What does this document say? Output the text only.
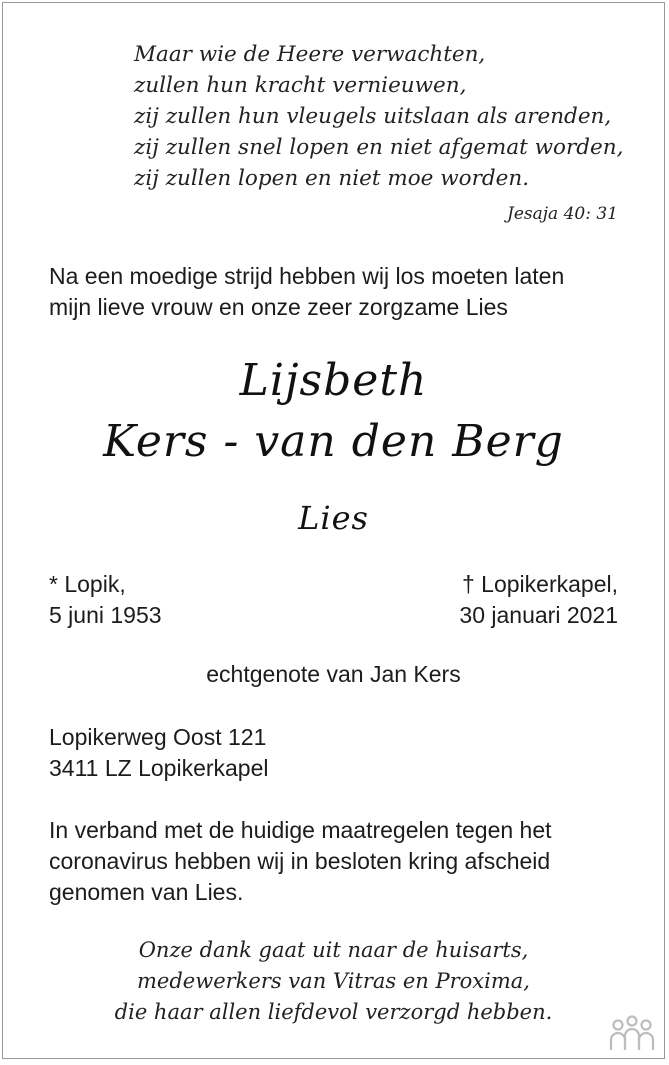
Maar wie de Heere verwachten,
zullen hun kracht vernieuwen,
zij zullen hun vleugels uitslaan als arenden,
zij zullen snel lopen en niet afgemat worden,
zij zullen lopen en niet moe worden.
Jesaja 40: 31
Na een moedige strijd hebben wij los moeten laten
mijn lieve vrouw en onze zeer zorgzame Lies
Lijsbeth
Kers - van den Berg
Lies
* Lopik,
5 juni 1953
† Lopikerkapel,
30 januari 2021
echtgenote van Jan Kers
Lopikerweg Oost 121
3411 LZ Lopikerkapel
In verband met de huidige maatregelen tegen het
coronavirus hebben wij in besloten kring afscheid
genomen van Lies.
Onze dank gaat uit naar de huisarts,
medewerkers van Vitras en Proxima,
die haar allen liefdevol verzorgd hebben.
